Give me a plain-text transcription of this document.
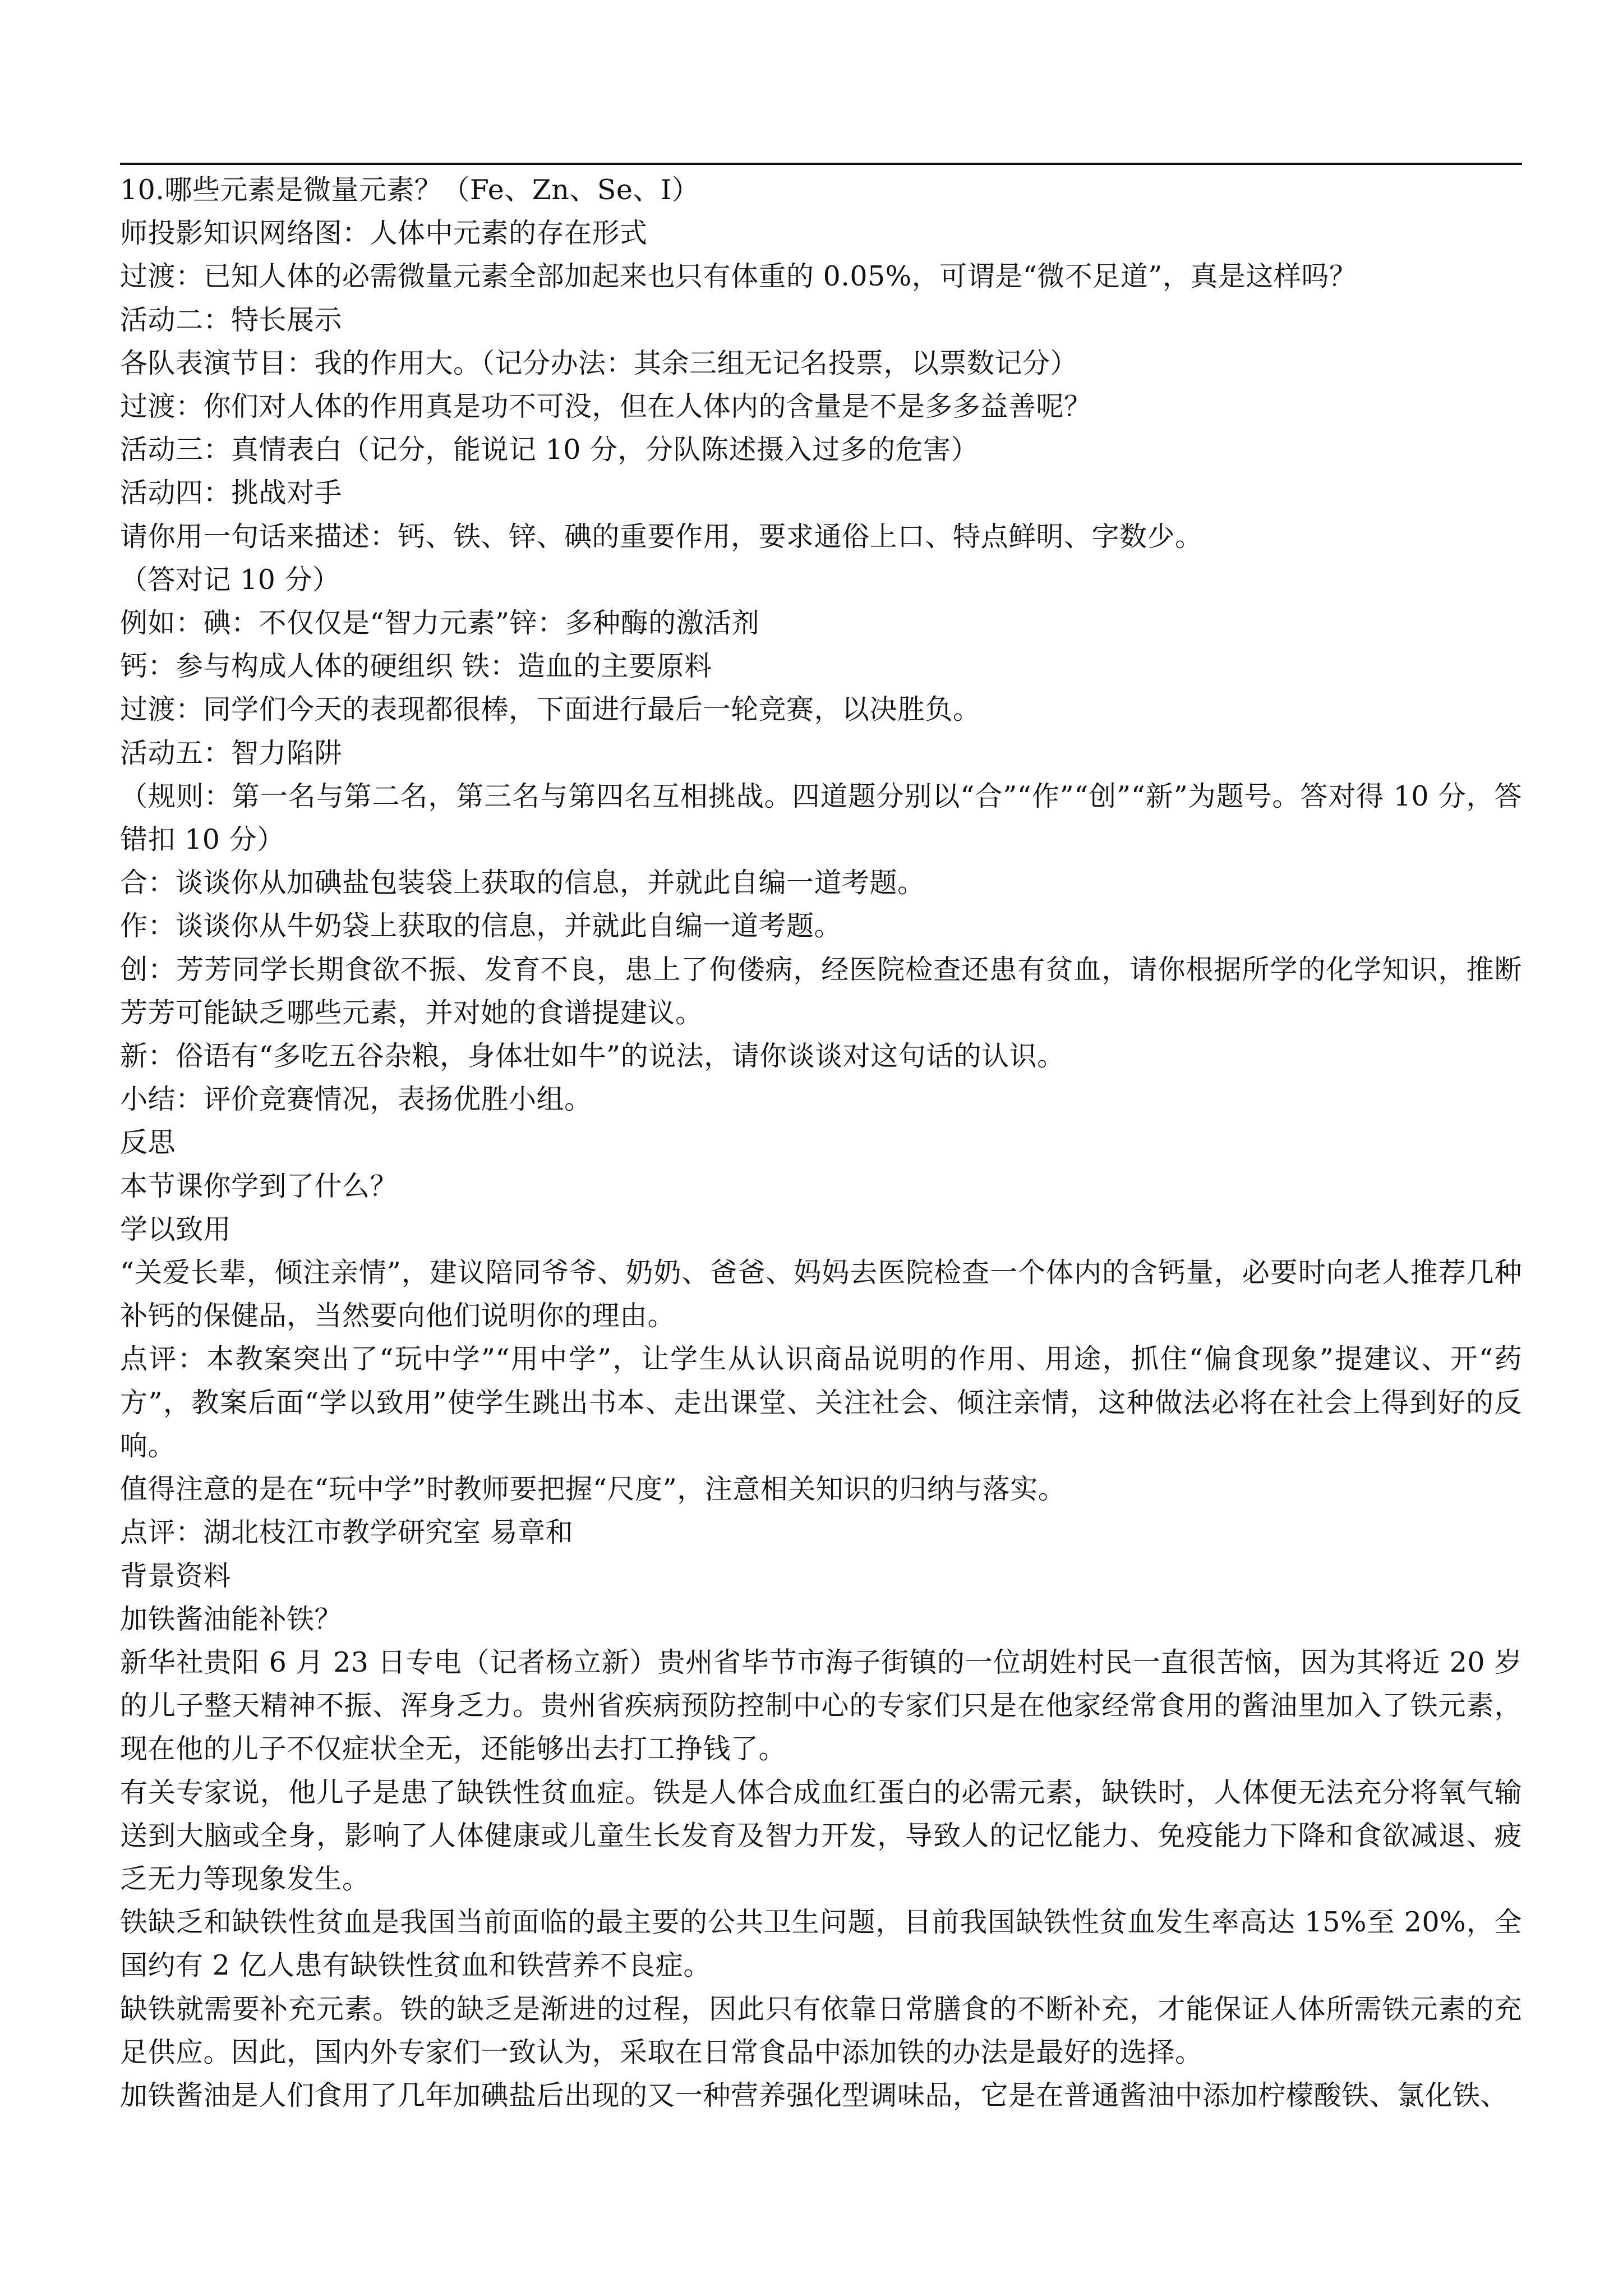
10.哪些元素是微量元素？（Fe、Zn、Se、I）

师投影知识网络图：人体中元素的存在形式

过渡：已知人体的必需微量元素全部加起来也只有体重的 0.05%，可谓是“微不足道”，真是这样吗？

活动二：特长展示

各队表演节目：我的作用大。（记分办法：其余三组无记名投票，以票数记分）

过渡：你们对人体的作用真是功不可没，但在人体内的含量是不是多多益善呢？

活动三：真情表白（记分，能说记 10 分，分队陈述摄入过多的危害）

活动四：挑战对手

请你用一句话来描述：钙、铁、锌、碘的重要作用，要求通俗上口、特点鲜明、字数少。

（答对记 10 分）

例如：碘：不仅仅是“智力元素”锌：多种酶的激活剂

钙：参与构成人体的硬组织 铁：造血的主要原料

过渡：同学们今天的表现都很棒，下面进行最后一轮竞赛，以决胜负。

活动五：智力陷阱

（规则：第一名与第二名，第三名与第四名互相挑战。四道题分别以“合”“作”“创”“新”为题号。答对得 10 分，答错扣 10 分）

合：谈谈你从加碘盐包装袋上获取的信息，并就此自编一道考题。

作：谈谈你从牛奶袋上获取的信息，并就此自编一道考题。

创：芳芳同学长期食欲不振、发育不良，患上了佝偻病，经医院检查还患有贫血，请你根据所学的化学知识，推断芳芳可能缺乏哪些元素，并对她的食谱提建议。

新：俗语有“多吃五谷杂粮，身体壮如牛”的说法，请你谈谈对这句话的认识。

小结：评价竞赛情况，表扬优胜小组。

反思

本节课你学到了什么？

学以致用

“关爱长辈，倾注亲情”，建议陪同爷爷、奶奶、爸爸、妈妈去医院检查一个体内的含钙量，必要时向老人推荐几种补钙的保健品，当然要向他们说明你的理由。

点评：本教案突出了“玩中学”“用中学”，让学生从认识商品说明的作用、用途，抓住“偏食现象”提建议、开“药方”，教案后面“学以致用”使学生跳出书本、走出课堂、关注社会、倾注亲情，这种做法必将在社会上得到好的反响。

值得注意的是在“玩中学”时教师要把握“尺度”，注意相关知识的归纳与落实。

点评：湖北枝江市教学研究室 易章和

背景资料

加铁酱油能补铁？

新华社贵阳 6 月 23 日专电（记者杨立新）贵州省毕节市海子街镇的一位胡姓村民一直很苦恼，因为其将近 20 岁的儿子整天精神不振、浑身乏力。贵州省疾病预防控制中心的专家们只是在他家经常食用的酱油里加入了铁元素，现在他的儿子不仅症状全无，还能够出去打工挣钱了。

有关专家说，他儿子是患了缺铁性贫血症。铁是人体合成血红蛋白的必需元素，缺铁时，人体便无法充分将氧气输送到大脑或全身，影响了人体健康或儿童生长发育及智力开发，导致人的记忆能力、免疫能力下降和食欲减退、疲乏无力等现象发生。

铁缺乏和缺铁性贫血是我国当前面临的最主要的公共卫生问题，目前我国缺铁性贫血发生率高达 15%至 20%，全国约有 2 亿人患有缺铁性贫血和铁营养不良症。

缺铁就需要补充元素。铁的缺乏是渐进的过程，因此只有依靠日常膳食的不断补充，才能保证人体所需铁元素的充足供应。因此，国内外专家们一致认为，采取在日常食品中添加铁的办法是最好的选择。

加铁酱油是人们食用了几年加碘盐后出现的又一种营养强化型调味品，它是在普通酱油中添加柠檬酸铁、氯化铁、
